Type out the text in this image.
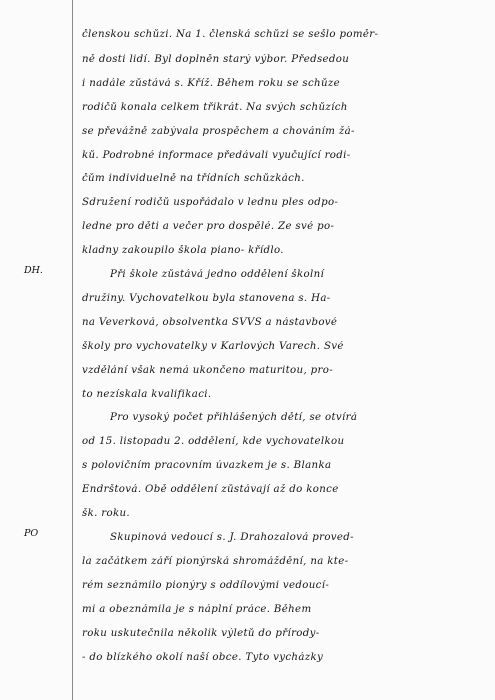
DH.
PO
členskou schůzi. Na 1. členská schůzi se sešlo poměr-
ně dosti lidí. Byl doplněn starý výbor. Předsedou
i nadále zůstává s. Kříž. Během roku se schůze
rodičů konala celkem třikrát. Na svých schůzích
se převážně zabývala prospěchem a chováním žá-
ků. Podrobné informace předávali vyučující rodi-
čům individuelně na třídních schůzkách.
Sdružení rodičů uspořádalo v lednu ples odpo-
ledne pro děti a večer pro dospělé. Ze své po-
kladny zakoupilo škola piano- křídlo.
Při škole zůstává jedno oddělení školní
družiny. Vychovatelkou byla stanovena s. Ha-
na Veverková, obsolventka SVVŠ a nástavbové
školy pro vychovatelky v Karlových Varech. Své
vzdělání však nemá ukončeno maturitou, pro-
to nezískala kvalifikaci.
Pro vysoký počet přihlášených dětí, se otvírá
od 15. listopadu 2. oddělení, kde vychovatelkou
s polovičním pracovním úvazkem je s. Blanka
Endrštová. Obě oddělení zůstávají až do konce
šk. roku.
Skupinová vedoucí s. J. Drahozalová proved-
la začátkem září pionýrská shromáždění, na kte-
rém seznámilo pionýry s oddílovými vedoucí-
mi a obeznámila je s náplní práce. Během
roku uskutečnila několik výletů do přírody-
- do blízkého okolí naší obce. Tyto vycházky
